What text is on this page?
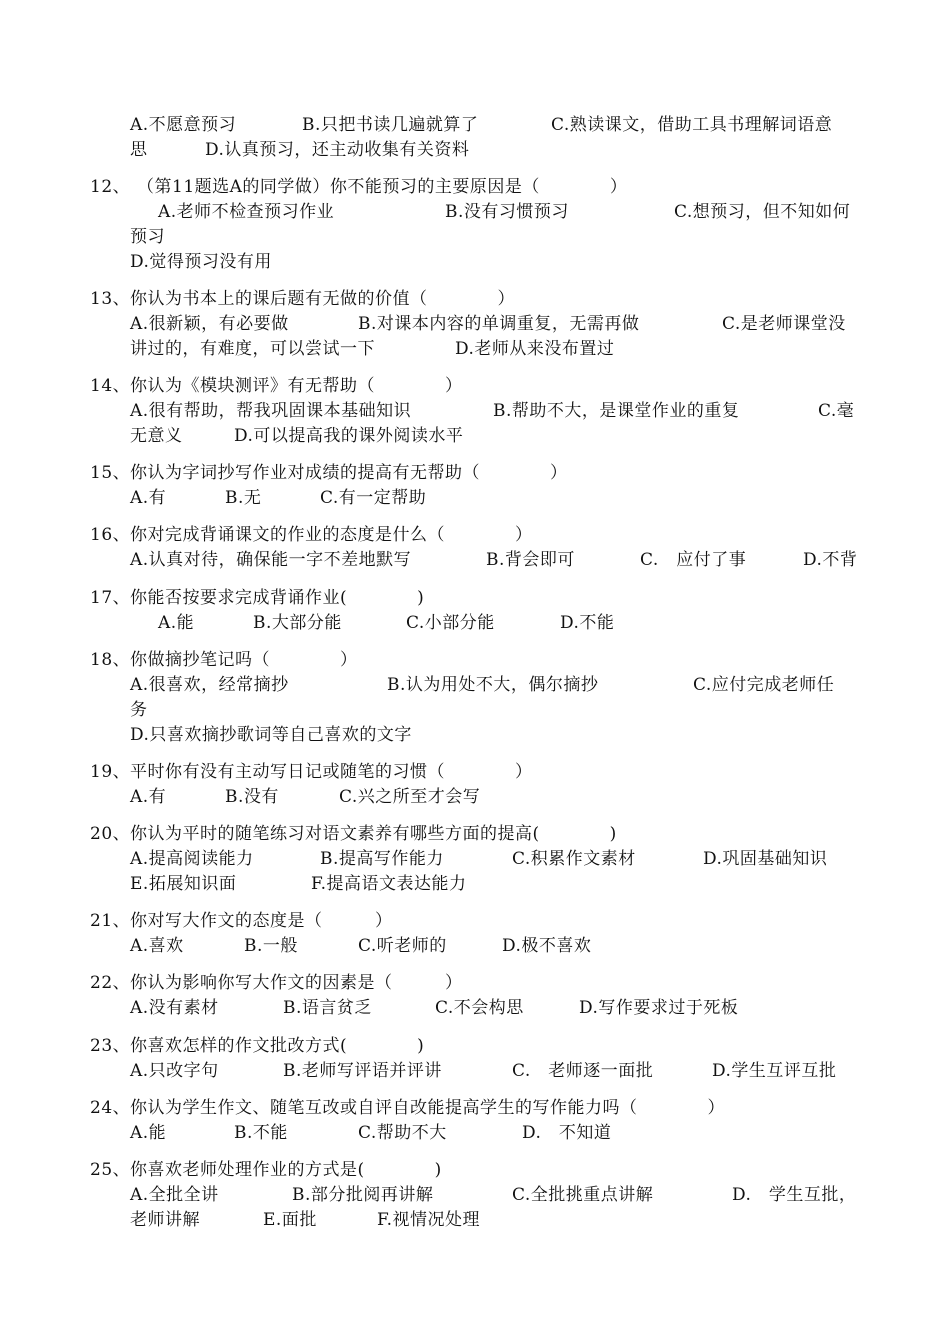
A.不愿意预习	B.只把书读几遍就算了	C.熟读课文，借助工具书理解词语意
思	D.认真预习，还主动收集有关资料
12、 （第11题选A的同学做）你不能预习的主要原因是（　　　　）
A.老师不检查预习作业	B.没有习惯预习	C.想预习，但不知如何
预习
D.觉得预习没有用
13、 你认为书本上的课后题有无做的价值（　　　　）
A.很新颖，有必要做	B.对课本内容的单调重复，无需再做	C.是老师课堂没
讲过的，有难度，可以尝试一下	D.老师从来没布置过
14、 你认为《模块测评》有无帮助（　　　　）
A.很有帮助，帮我巩固课本基础知识	B.帮助不大，是课堂作业的重复	C.毫
无意义	D.可以提高我的课外阅读水平
15、 你认为字词抄写作业对成绩的提高有无帮助（　　　　）
A.有	B.无	C.有一定帮助
16、 你对完成背诵课文的作业的态度是什么（　　　　）
A.认真对待，确保能一字不差地默写	B.背会即可	C.　应付了事	D.不背
17、 你能否按要求完成背诵作业(　　　　)
A.能	B.大部分能	C.小部分能	D.不能
18、 你做摘抄笔记吗（　　　　）
A.很喜欢，经常摘抄	B.认为用处不大，偶尔摘抄	C.应付完成老师任
务
D.只喜欢摘抄歌词等自己喜欢的文字
19、 平时你有没有主动写日记或随笔的习惯（　　　　）
A.有	B.没有	C.兴之所至才会写
20、 你认为平时的随笔练习对语文素养有哪些方面的提高(　　　　)
A.提高阅读能力	B.提高写作能力	C.积累作文素材	D.巩固基础知识
E.拓展知识面	F.提高语文表达能力
21、 你对写大作文的态度是（　　　）
A.喜欢	B.一般	C.听老师的	D.极不喜欢
22、 你认为影响你写大作文的因素是（　　　）
A.没有素材	B.语言贫乏	C.不会构思	D.写作要求过于死板
23、 你喜欢怎样的作文批改方式(　　　　)
A.只改字句	B.老师写评语并评讲	C.　老师逐一面批	D.学生互评互批
24、 你认为学生作文、随笔互改或自评自改能提高学生的写作能力吗（　　　　）
A.能	B.不能	C.帮助不大	D.　不知道
25、 你喜欢老师处理作业的方式是(　　　　)
A.全批全讲	B.部分批阅再讲解	C.全批挑重点讲解	D.　学生互批，
老师讲解	E.面批	F.视情况处理
